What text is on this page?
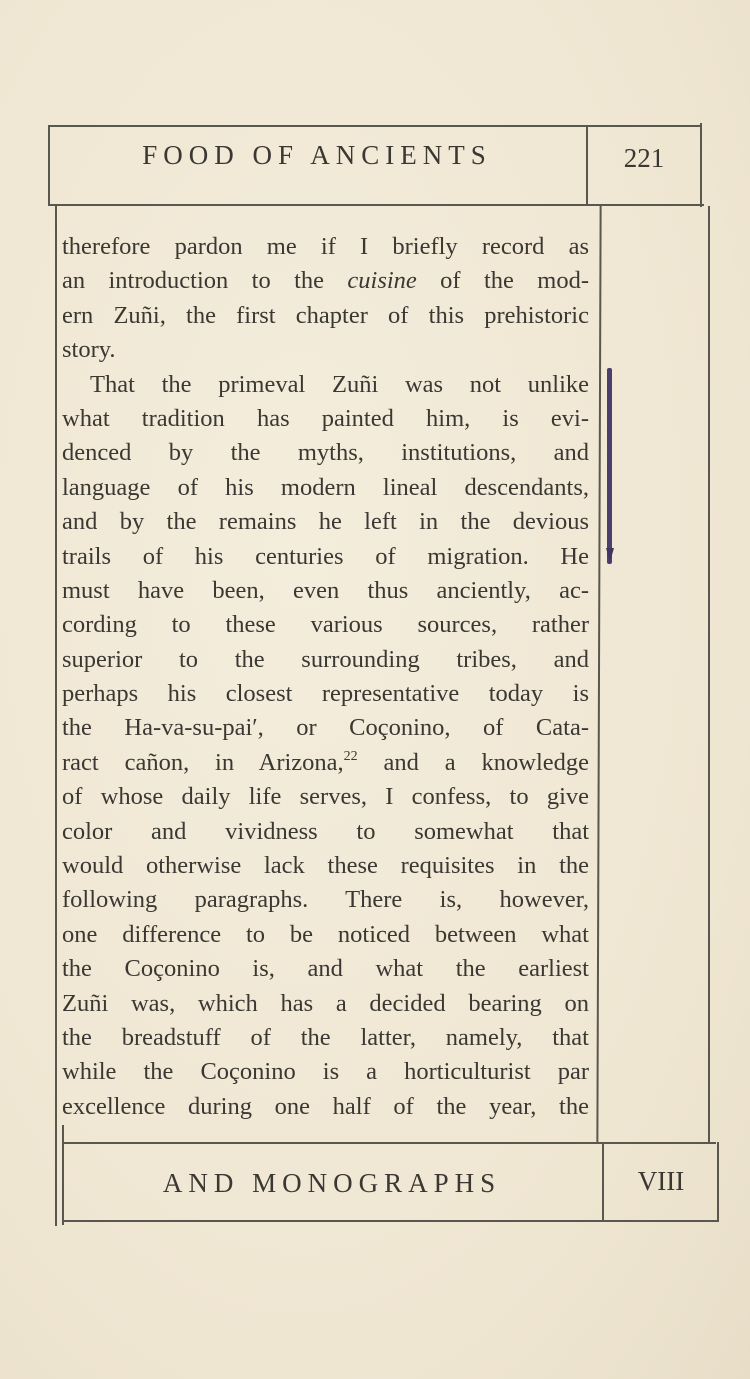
FOOD OF ANCIENTS	221
therefore pardon me if I briefly record as
an introduction to the cuisine of the mod-
ern Zuñi, the first chapter of this prehistoric
story.
That the primeval Zuñi was not unlike
what tradition has painted him, is evi-
denced by the myths, institutions, and
language of his modern lineal descendants,
and by the remains he left in the devious
trails of his centuries of migration. He
must have been, even thus anciently, ac-
cording to these various sources, rather
superior to the surrounding tribes, and
perhaps his closest representative today is
the Ha-va-su-pai′, or Coçonino, of Cata-
ract cañon, in Arizona,$^{22}$ and a knowledge
of whose daily life serves, I confess, to give
color and vividness to somewhat that
would otherwise lack these requisites in the
following paragraphs. There is, however,
one difference to be noticed between what
the Coçonino is, and what the earliest
Zuñi was, which has a decided bearing on
the breadstuff of the latter, namely, that
while the Coçonino is a horticulturist par
excellence during one half of the year, the
AND MONOGRAPHS	VIII
